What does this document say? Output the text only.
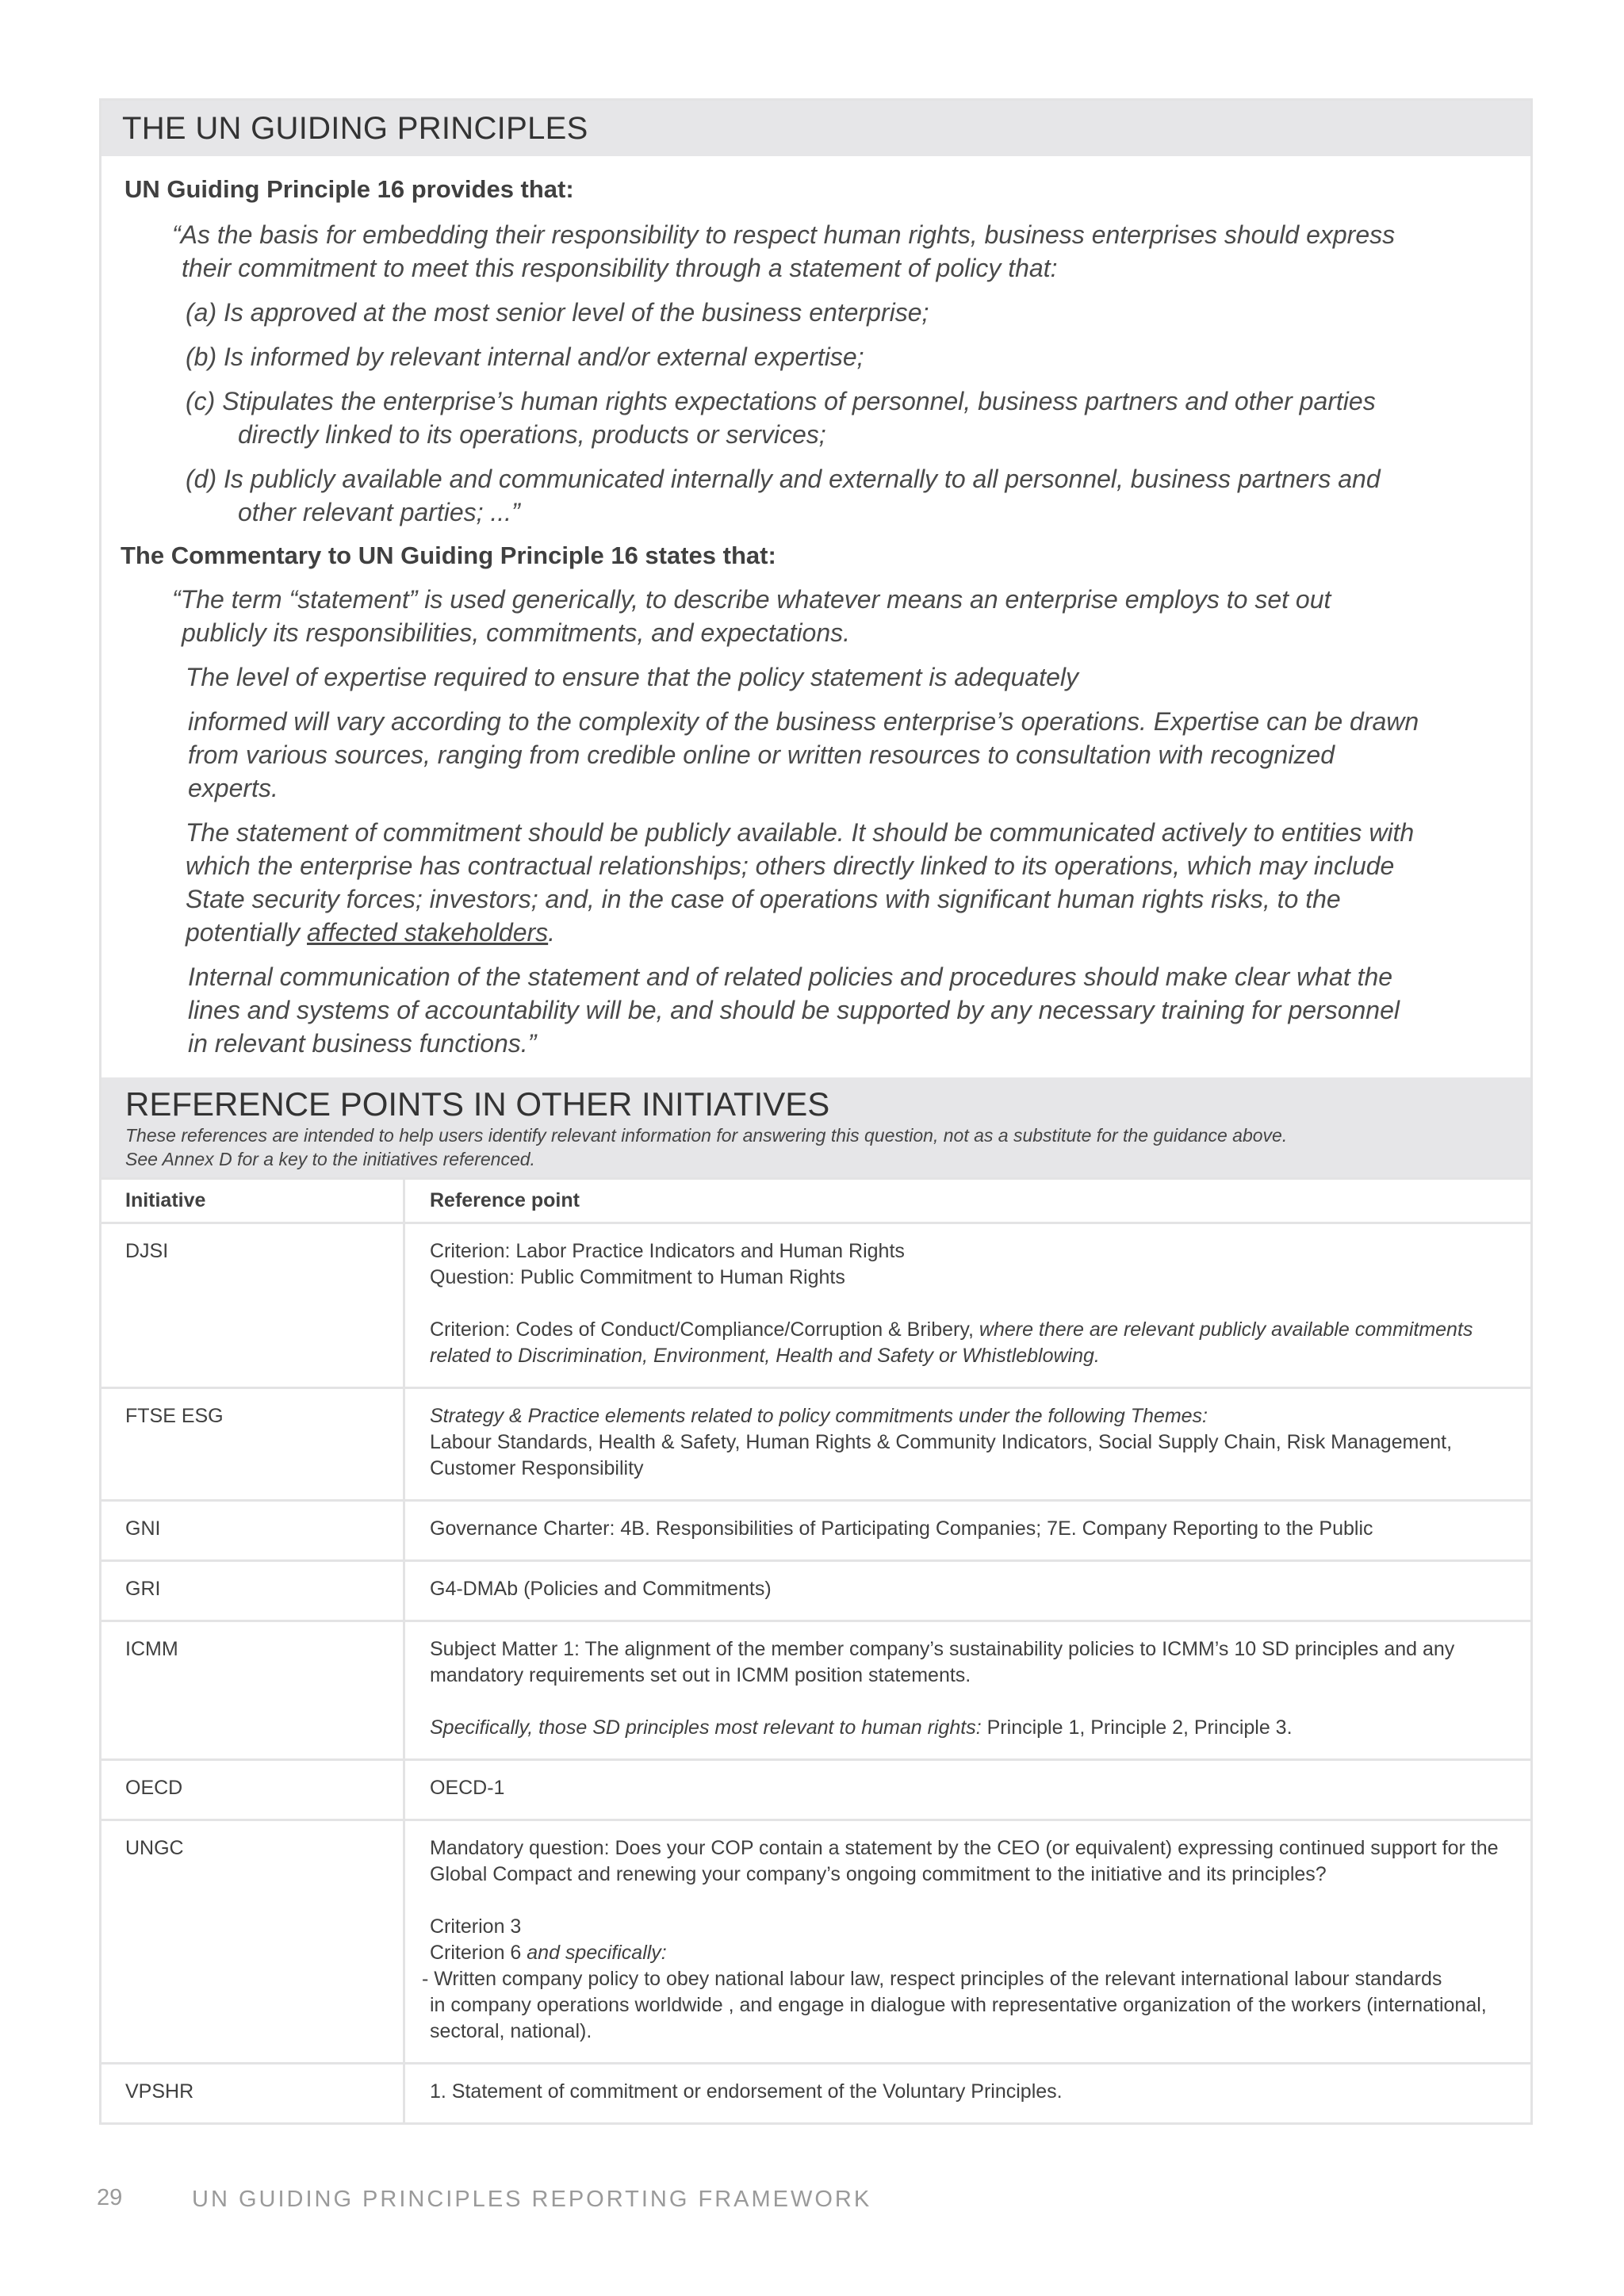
THE UN GUIDING PRINCIPLES

UN Guiding Principle 16 provides that:

“As the basis for embedding their responsibility to respect human rights, business enterprises should express their commitment to meet this responsibility through a statement of policy that:

(a) Is approved at the most senior level of the business enterprise;

(b) Is informed by relevant internal and/or external expertise;

(c) Stipulates the enterprise’s human rights expectations of personnel, business partners and other parties directly linked to its operations, products or services;

(d) Is publicly available and communicated internally and externally to all personnel, business partners and other relevant parties; ...”

The Commentary to UN Guiding Principle 16 states that:

“The term “statement” is used generically, to describe whatever means an enterprise employs to set out publicly its responsibilities, commitments, and expectations.

The level of expertise required to ensure that the policy statement is adequately

informed will vary according to the complexity of the business enterprise’s operations. Expertise can be drawn from various sources, ranging from credible online or written resources to consultation with recognized experts.

The statement of commitment should be publicly available. It should be communicated actively to entities with which the enterprise has contractual relationships; others directly linked to its operations, which may include State security forces; investors; and, in the case of operations with significant human rights risks, to the potentially affected stakeholders.

Internal communication of the statement and of related policies and procedures should make clear what the lines and systems of accountability will be, and should be supported by any necessary training for personnel in relevant business functions.”

REFERENCE POINTS IN OTHER INITIATIVES

These references are intended to help users identify relevant information for answering this question, not as a substitute for the guidance above.

See Annex D for a key to the initiatives referenced.

Initiative	Reference point
DJSI	Criterion: Labor Practice Indicators and Human Rights
Question: Public Commitment to Human Rights
Criterion: Codes of Conduct/Compliance/Corruption & Bribery, where there are relevant publicly available commitments related to Discrimination, Environment, Health and Safety or Whistleblowing.

FTSE ESG	Strategy & Practice elements related to policy commitments under the following Themes:
Labour Standards, Health & Safety, Human Rights & Community Indicators, Social Supply Chain, Risk Management, Customer Responsibility

GNI	Governance Charter: 4B. Responsibilities of Participating Companies; 7E. Company Reporting to the Public
GRI	G4-DMAb (Policies and Commitments)
ICMM	Subject Matter 1: The alignment of the member company’s sustainability policies to ICMM’s 10 SD principles and any mandatory requirements set out in ICMM position statements.
Specifically, those SD principles most relevant to human rights: Principle 1, Principle 2, Principle 3.

OECD	OECD-1
UNGC	Mandatory question: Does your COP contain a statement by the CEO (or equivalent) expressing continued support for the Global Compact and renewing your company’s ongoing commitment to the initiative and its principles?
Criterion 3
Criterion 6 and specifically:
- Written company policy to obey national labour law, respect principles of the relevant international labour standards
in company operations worldwide , and engage in dialogue with representative organization of the workers (international, sectoral, national).

VPSHR	1. Statement of commitment or endorsement of the Voluntary Principles.
29	UN GUIDING PRINCIPLES REPORTING FRAMEWORK
